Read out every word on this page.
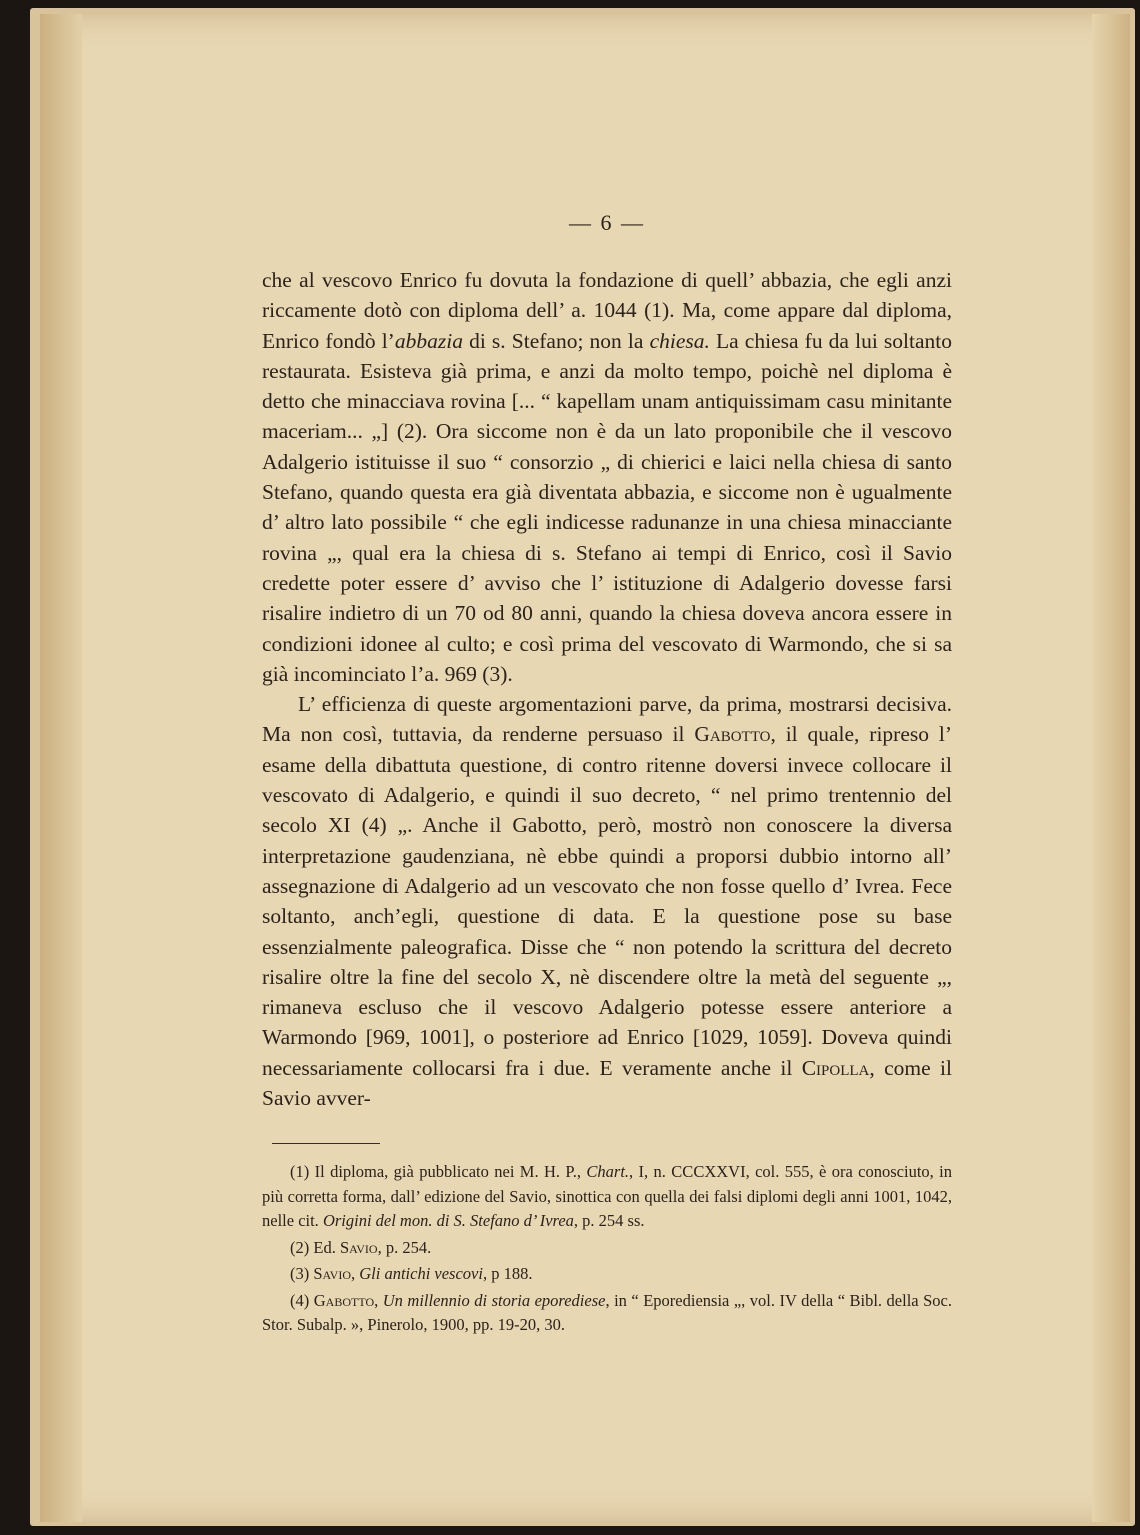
— 6 —

che al vescovo Enrico fu dovuta la fondazione di quell’ abbazia, che egli anzi riccamente dotò con diploma dell’ a. 1044 (1). Ma, come appare dal diploma, Enrico fondò l’abbazia di s. Stefano; non la chiesa. La chiesa fu da lui soltanto restaurata. Esisteva già prima, e anzi da molto tempo, poichè nel diploma è detto che minacciava rovina [... “ kapellam unam antiquissimam casu minitante maceriam... „] (2). Ora siccome non è da un lato proponibile che il vescovo Adalgerio istituisse il suo “ consorzio „ di chierici e laici nella chiesa di santo Stefano, quando questa era già diventata abbazia, e siccome non è ugualmente d’ altro lato possibile “ che egli indicesse radunanze in una chiesa minacciante rovina „, qual era la chiesa di s. Stefano ai tempi di Enrico, così il Savio credette poter essere d’ avviso che l’ istituzione di Adalgerio dovesse farsi risalire indietro di un 70 od 80 anni, quando la chiesa doveva ancora essere in condizioni idonee al culto; e così prima del vescovato di Warmondo, che si sa già incominciato l’a. 969 (3).

L’ efficienza di queste argomentazioni parve, da prima, mostrarsi decisiva. Ma non così, tuttavia, da renderne persuaso il Gabotto, il quale, ripreso l’ esame della dibattuta questione, di contro ritenne doversi invece collocare il vescovato di Adalgerio, e quindi il suo decreto, “ nel primo trentennio del secolo XI (4) „. Anche il Gabotto, però, mostrò non conoscere la diversa interpretazione gaudenziana, nè ebbe quindi a proporsi dubbio intorno all’ assegnazione di Adalgerio ad un vescovato che non fosse quello d’ Ivrea. Fece soltanto, anch’egli, questione di data. E la questione pose su base essenzialmente paleografica. Disse che “ non potendo la scrittura del decreto risalire oltre la fine del secolo X, nè discendere oltre la metà del seguente „, rimaneva escluso che il vescovo Adalgerio potesse essere anteriore a Warmondo [969, 1001], o posteriore ad Enrico [1029, 1059]. Doveva quindi necessariamente collocarsi fra i due. E veramente anche il Cipolla, come il Savio avver-

(1) Il diploma, già pubblicato nei M. H. P., Chart., I, n. CCCXXVI, col. 555, è ora conosciuto, in più corretta forma, dall’ edizione del Savio, sinottica con quella dei falsi diplomi degli anni 1001, 1042, nelle cit. Origini del mon. di S. Stefano d’ Ivrea, p. 254 ss.

(2) Ed. Savio, p. 254.

(3) Savio, Gli antichi vescovi, p 188.

(4) Gabotto, Un millennio di storia eporediese, in “ Eporediensia „, vol. IV della “ Bibl. della Soc. Stor. Subalp. », Pinerolo, 1900, pp. 19-20, 30.
